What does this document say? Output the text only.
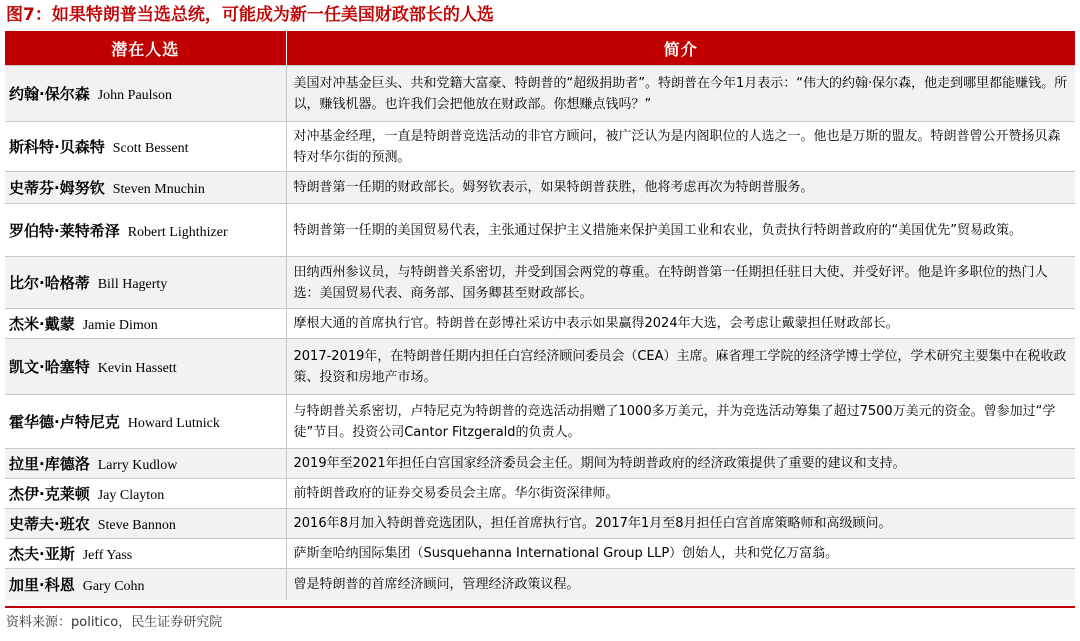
图7：如果特朗普当选总统，可能成为新一任美国财政部长的人选
潜在人选	简介
约翰·保尔森 John Paulson	美国对冲基金巨头、共和党籍大富豪、特朗普的“超级捐助者”。特朗普在今年1月表示：“伟大的约翰·保尔森，他走到哪里都能赚钱。所以，赚钱机器。也许我们会把他放在财政部。你想赚点钱吗？”
斯科特·贝森特 Scott Bessent	对冲基金经理，一直是特朗普竞选活动的非官方顾问，被广泛认为是内阁职位的人选之一。他也是万斯的盟友。特朗普曾公开赞扬贝森特对华尔街的预测。
史蒂芬·姆努钦 Steven Mnuchin	特朗普第一任期的财政部长。姆努钦表示，如果特朗普获胜，他将考虑再次为特朗普服务。
罗伯特·莱特希泽 Robert Lighthizer	特朗普第一任期的美国贸易代表，主张通过保护主义措施来保护美国工业和农业，负责执行特朗普政府的“美国优先”贸易政策。
比尔·哈格蒂 Bill Hagerty	田纳西州参议员，与特朗普关系密切，并受到国会两党的尊重。在特朗普第一任期担任驻日大使、并受好评。他是许多职位的热门人选：美国贸易代表、商务部、国务卿甚至财政部长。
杰米·戴蒙 Jamie Dimon	摩根大通的首席执行官。特朗普在彭博社采访中表示如果赢得2024年大选，会考虑让戴蒙担任财政部长。
凯文·哈塞特 Kevin Hassett	2017-2019年，在特朗普任期内担任白宫经济顾问委员会（CEA）主席。麻省理工学院的经济学博士学位，学术研究主要集中在税收政策、投资和房地产市场。
霍华德·卢特尼克 Howard Lutnick	与特朗普关系密切，卢特尼克为特朗普的竞选活动捐赠了1000多万美元，并为竞选活动筹集了超过7500万美元的资金。曾参加过“学徒”节目。投资公司Cantor Fitzgerald的负责人。
拉里·库德洛 Larry Kudlow	2019年至2021年担任白宫国家经济委员会主任。期间为特朗普政府的经济政策提供了重要的建议和支持。
杰伊·克莱顿 Jay Clayton	前特朗普政府的证券交易委员会主席。华尔街资深律师。
史蒂夫·班农 Steve Bannon	2016年8月加入特朗普竞选团队，担任首席执行官。2017年1月至8月担任白宫首席策略师和高级顾问。
杰夫·亚斯 Jeff Yass	萨斯奎哈纳国际集团（Susquehanna International Group LLP）创始人，共和党亿万富翁。
加里·科恩 Gary Cohn	曾是特朗普的首席经济顾问，管理经济政策议程。
资料来源：politico，民生证券研究院
